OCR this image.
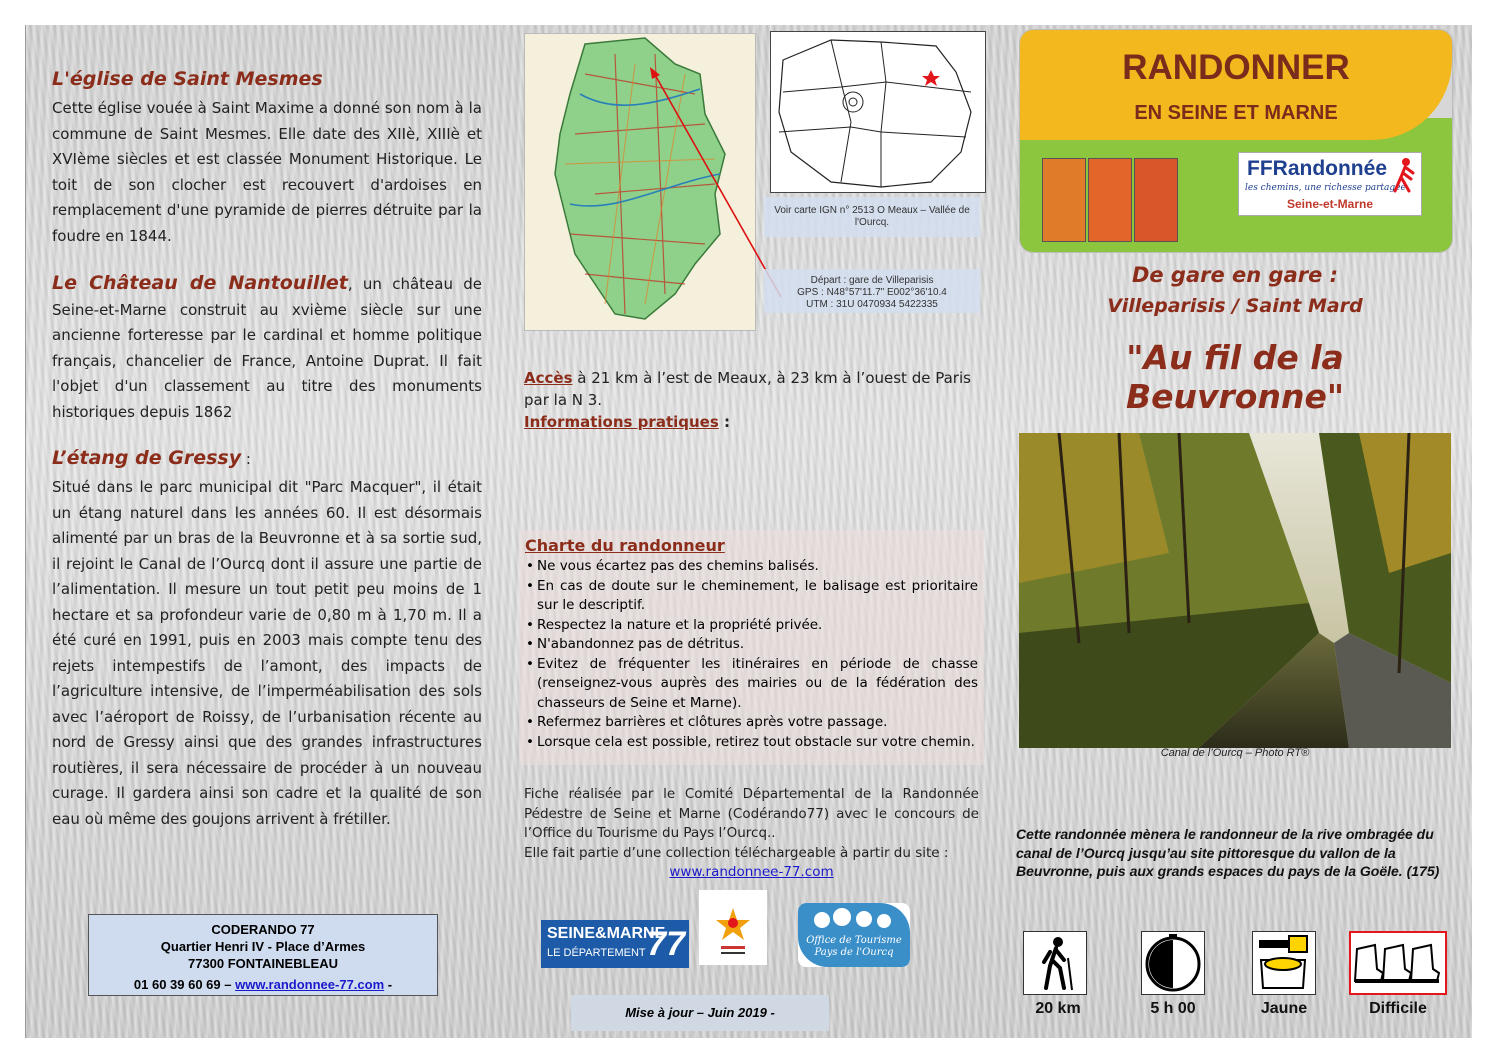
L'église de Saint Mesmes

Cette église vouée à Saint Maxime a donné son nom à la commune de Saint Mesmes. Elle date des XIIè, XIIIè et XVIème siècles et est classée Monument Historique. Le toit de son clocher est recouvert d'ardoises en remplacement d'une pyramide de pierres détruite par la foudre en 1844.

Le Château de Nantouillet, un château de Seine-et-Marne construit au xvième siècle sur une ancienne forteresse par le cardinal et homme politique français, chancelier de France, Antoine Duprat. Il fait l'objet d'un classement au titre des monuments historiques depuis 1862

L’étang de Gressy :

Situé dans le parc municipal dit "Parc Macquer", il était un étang naturel dans les années 60. Il est désormais alimenté par un bras de la Beuvronne et à sa sortie sud, il rejoint le Canal de l’Ourcq dont il assure une partie de l’alimentation. Il mesure un tout petit peu moins de 1 hectare et sa profondeur varie de 0,80 m à 1,70 m. Il a été curé en 1991, puis en 2003 mais compte tenu des rejets intempestifs de l’amont, des impacts de l’agriculture intensive, de l’imperméabilisation des sols avec l’aéroport de Roissy, de l’urbanisation récente au nord de Gressy ainsi que des grandes infrastructures routières, il sera nécessaire de procéder à un nouveau curage. Il gardera ainsi son cadre et la qualité de son eau où même des goujons arrivent à frétiller.

CODERANDO 77
Quartier Henri IV - Place d’Armes
77300 FONTAINEBLEAU
01 60 39 60 69 – www.randonnee-77.com -
Voir carte IGN n° 2513 O Meaux – Vallée de l'Ourcq.
Départ : gare de Villeparisis
GPS : N48°57'11.7" E002°36'10.4
UTM : 31U 0470934 5422335
Accès à 21 km à l’est de Meaux, à 23 km à l’ouest de Paris par la N 3.
Informations pratiques :
Charte du randonneur
• Ne vous écartez pas des chemins balisés.
• En cas de doute sur le cheminement, le balisage est prioritaire sur le descriptif.
• Respectez la nature et la propriété privée.
• N'abandonnez pas de détritus.
• Evitez de fréquenter les itinéraires en période de chasse (renseignez-vous auprès des mairies ou de la fédération des chasseurs de Seine et Marne).
• Refermez barrières et clôtures après votre passage.
• Lorsque cela est possible, retirez tout obstacle sur votre chemin.
Fiche réalisée par le Comité Départemental de la Randonnée Pédestre de Seine et Marne (Codérando77) avec le concours de l’Office du Tourisme du Pays l’Ourcq..
Elle fait partie d’une collection téléchargeable à partir du site :
www.randonnee-77.com
SEINE&MARNE
LE DÉPARTEMENT 77	Office de Tourisme
Pays de l'Ourcq
Mise à jour – Juin 2019 -
RANDONNER
EN SEINE ET MARNE
FFRandonnée
les chemins, une richesse partagée
Seine-et-Marne
De gare en gare :
Villeparisis / Saint Mard
"Au fil de la Beuvronne"
Canal de l’Ourcq – Photo RT®
Cette randonnée mènera le randonneur de la rive ombragée du canal de l’Ourcq jusqu’au site pittoresque du vallon de la Beuvronne, puis aux grands espaces du pays de la Goële. (175)
20 km	5 h 00	Jaune	Difficile
